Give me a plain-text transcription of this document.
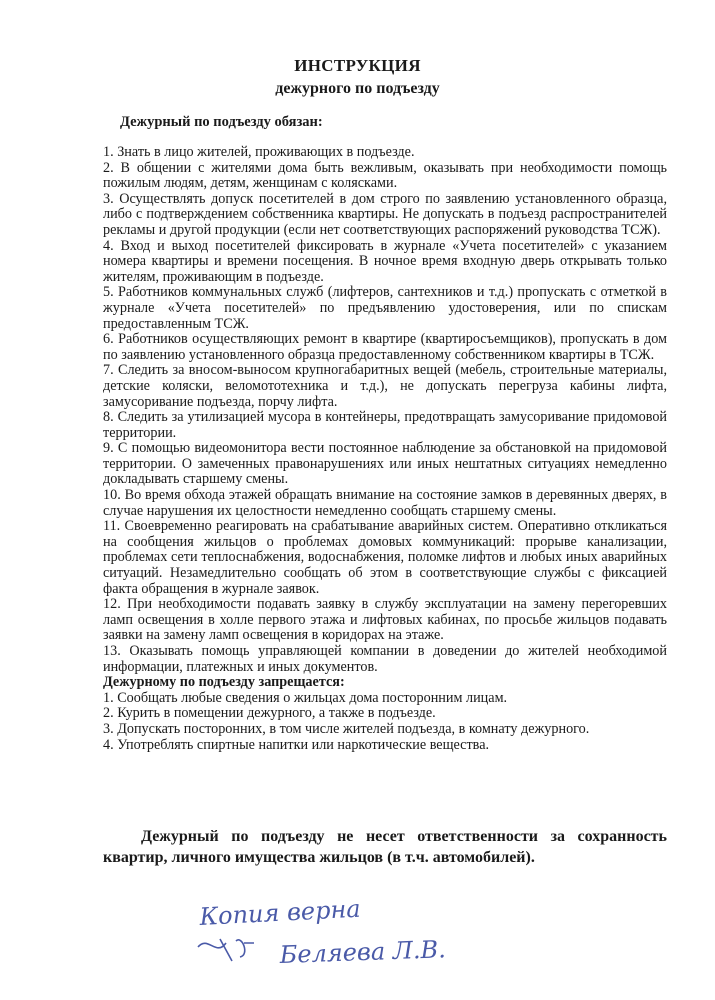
ИНСТРУКЦИЯ
дежурного по подъезду
Дежурный по подъезду обязан:

1. Знать в лицо жителей, проживающих в подъезде.

2. В общении с жителями дома быть вежливым, оказывать при необходимости помощь пожилым людям, детям, женщинам с колясками.

3. Осуществлять допуск посетителей в дом строго по заявлению установленного образца, либо с подтверждением собственника квартиры. Не допускать в подъезд распространителей рекламы и другой продукции (если нет соответствующих распоряжений руководства ТСЖ).

4. Вход и выход посетителей фиксировать в журнале «Учета посетителей» с указанием номера квартиры и времени посещения. В ночное время входную дверь открывать только жителям, проживающим в подъезде.

5. Работников коммунальных служб (лифтеров, сантехников и т.д.) пропускать с отметкой в журнале «Учета посетителей» по предъявлению удостоверения, или по спискам предоставленным ТСЖ.

6. Работников осуществляющих ремонт в квартире (квартиросъемщиков), пропускать в дом по заявлению установленного образца предоставленному собственником квартиры в ТСЖ.

7. Следить за вносом-выносом крупногабаритных вещей (мебель, строительные материалы, детские коляски, веломототехника и т.д.), не допускать перегруза кабины лифта, замусоривание подъезда, порчу лифта.

8. Следить за утилизацией мусора в контейнеры, предотвращать замусоривание придомовой территории.

9. С помощью видеомонитора вести постоянное наблюдение за обстановкой на придомовой территории. О замеченных правонарушениях или иных нештатных ситуациях немедленно докладывать старшему смены.

10. Во время обхода этажей обращать внимание на состояние замков в деревянных дверях, в случае нарушения их целостности немедленно сообщать старшему смены.

11. Своевременно реагировать на срабатывание аварийных систем. Оперативно откликаться на сообщения жильцов о проблемах домовых коммуникаций: прорыве канализации, проблемах сети теплоснабжения, водоснабжения, поломке лифтов и любых иных аварийных ситуаций. Незамедлительно сообщать об этом в соответствующие службы с фиксацией факта обращения в журнале заявок.

12. При необходимости подавать заявку в службу эксплуатации на замену перегоревших ламп освещения в холле первого этажа и лифтовых кабинах, по просьбе жильцов подавать заявки на замену ламп освещения в коридорах на этаже.

13. Оказывать помощь управляющей компании в доведении до жителей необходимой информации, платежных и иных документов.

Дежурному по подъезду запрещается:

1. Сообщать любые сведения о жильцах дома посторонним лицам.

2. Курить в помещении дежурного, а также в подъезде.

3. Допускать посторонних, в том числе жителей подъезда, в комнату дежурного.

4. Употреблять спиртные напитки или наркотические вещества.

Дежурный по подъезду не несет ответственности за сохранность квартир, личного имущества жильцов (в т.ч. автомобилей).
Копия верна
Беляева Л.В.
